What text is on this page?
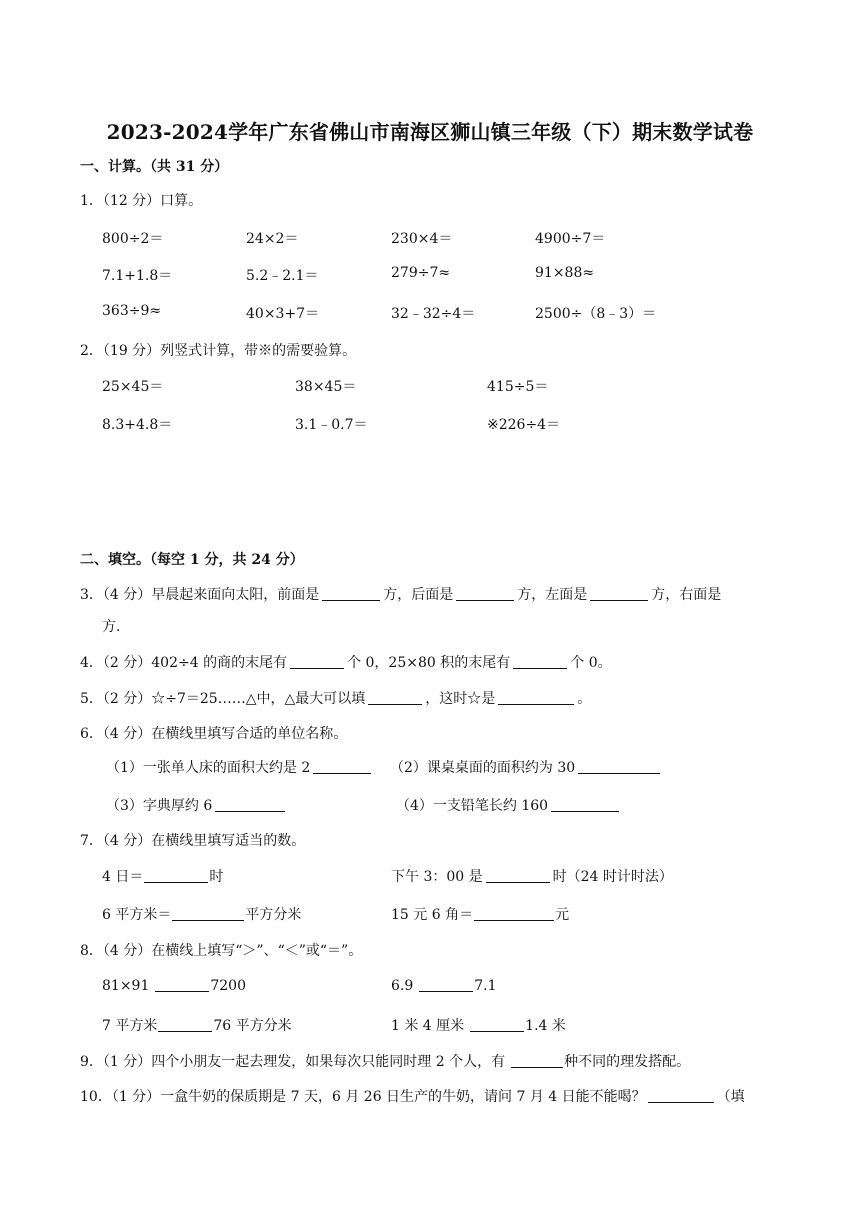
2023-2024学年广东省佛山市南海区狮山镇三年级（下）期末数学试卷
一、计算。（共 31 分）
1．（12 分）口算。
800÷2＝	24×2＝	230×4＝	4900÷7＝
7.1+1.8＝	5.2﹣2.1＝	279÷7≈	91×88≈
363÷9≈	40×3+7＝	32﹣32÷4＝	2500÷（8﹣3）＝
2．（19 分）列竖式计算，带※的需要验算。
25×45＝	38×45＝	415÷5＝
8.3+4.8＝	3.1﹣0.7＝	※226÷4＝
二、填空。（每空 1 分，共 24 分）
3．（4 分）早晨起来面向太阳，前面是	方，后面是	方，左面是	方，右面是
方.
4．（2 分）402÷4 的商的末尾有	个 0，25×80 积的末尾有	个 0。
5．（2 分）☆÷7＝25……△中，△最大可以填	，这时☆是	。
6．（4 分）在横线里填写合适的单位名称。
（1）一张单人床的面积大约是 2	（2）课桌桌面的面积约为 30
（3）字典厚约 6	（4）一支铅笔长约 160
7．（4 分）在横线里填写适当的数。
4 日＝	时	下午 3：00 是	时（24 时计时法）
6 平方米＝	平方分米	15 元 6 角＝	元
8．（4 分）在横线上填写“＞”、“＜”或“＝”。
81×91	7200	6.9	7.1
7 平方米	76 平方分米	1 米 4 厘米	1.4 米
9．（1 分）四个小朋友一起去理发，如果每次只能同时理 2 个人，有	种不同的理发搭配。
10．（1 分）一盒牛奶的保质期是 7 天，6 月 26 日生产的牛奶，请问 7 月 4 日能不能喝？	（填
